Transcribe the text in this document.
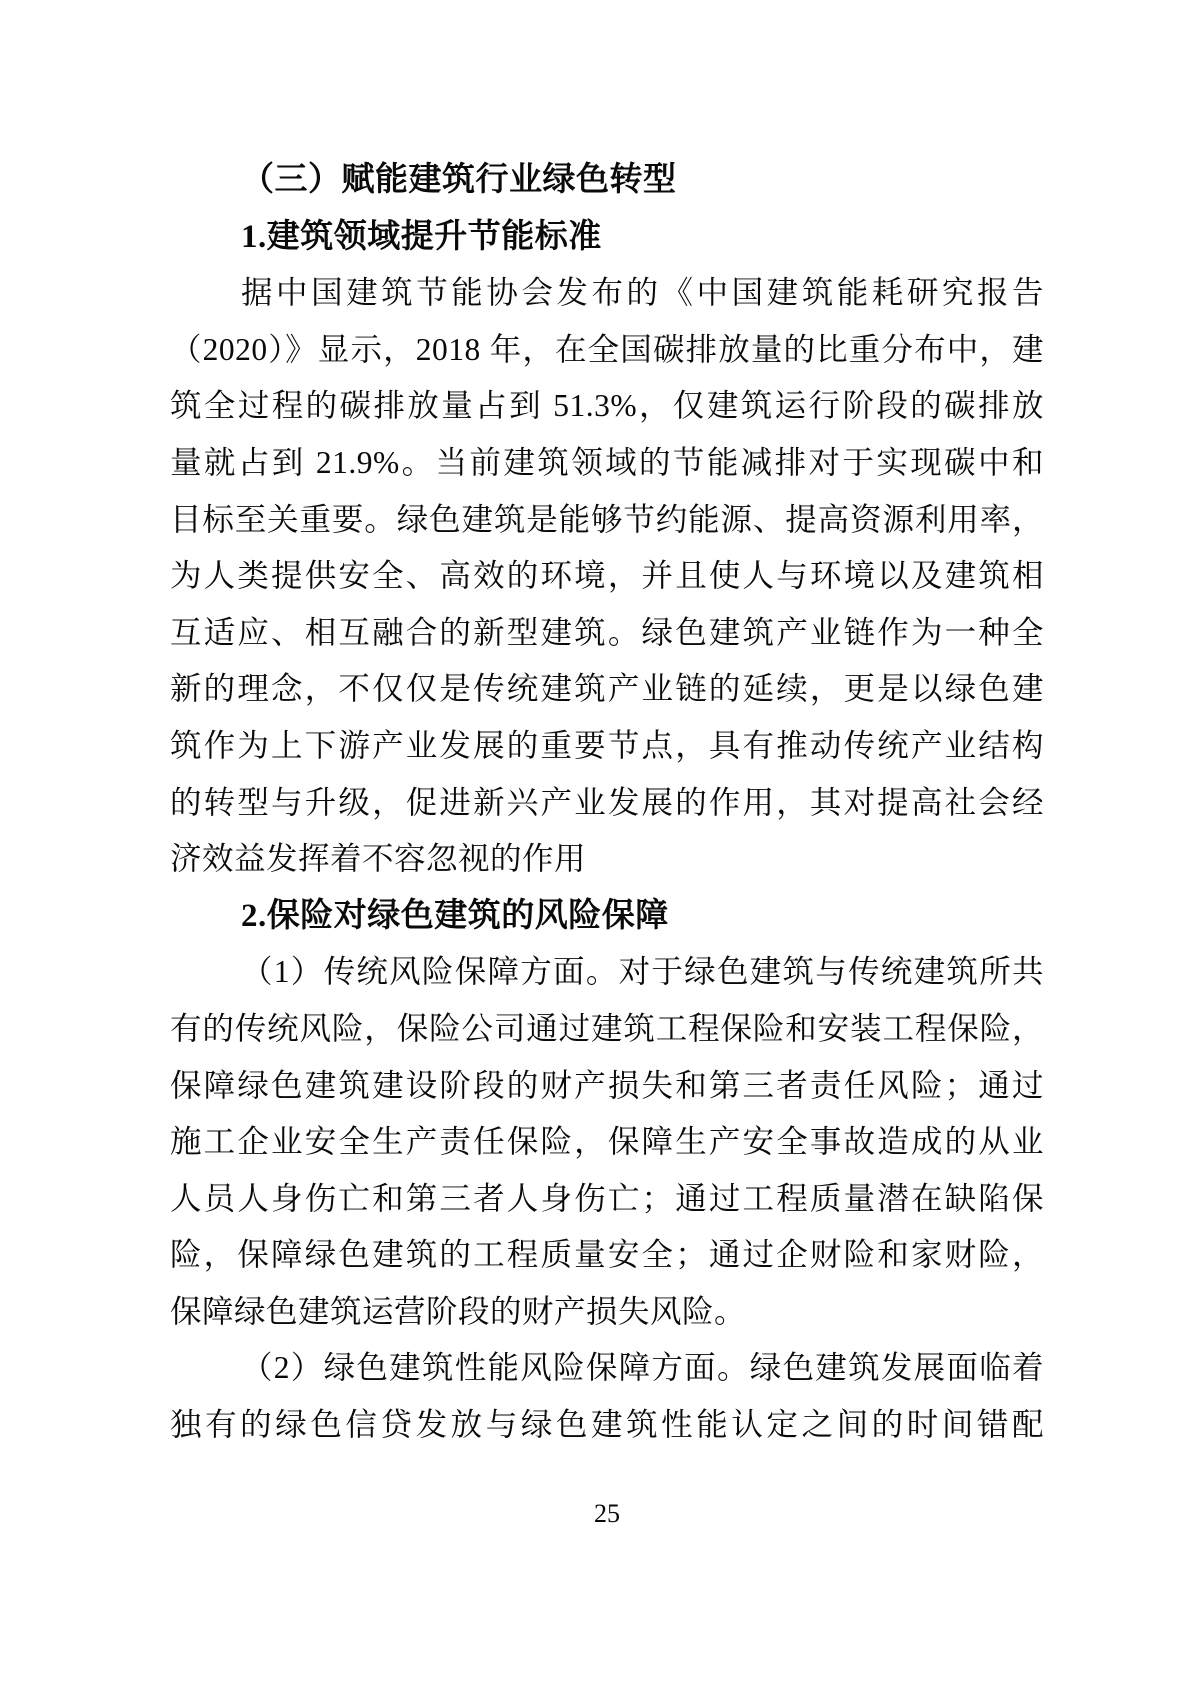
（三）赋能建筑行业绿色转型
1.建筑领域提升节能标准
据中国建筑节能协会发布的《中国建筑能耗研究报告
（2020）》显示，2018 年，在全国碳排放量的比重分布中，建
筑全过程的碳排放量占到 51.3%，仅建筑运行阶段的碳排放
量就占到 21.9%。当前建筑领域的节能减排对于实现碳中和
目标至关重要。绿色建筑是能够节约能源、提高资源利用率，
为人类提供安全、高效的环境，并且使人与环境以及建筑相
互适应、相互融合的新型建筑。绿色建筑产业链作为一种全
新的理念，不仅仅是传统建筑产业链的延续，更是以绿色建
筑作为上下游产业发展的重要节点，具有推动传统产业结构
的转型与升级，促进新兴产业发展的作用，其对提高社会经
济效益发挥着不容忽视的作用
2.保险对绿色建筑的风险保障
（1）传统风险保障方面。对于绿色建筑与传统建筑所共
有的传统风险，保险公司通过建筑工程保险和安装工程保险，
保障绿色建筑建设阶段的财产损失和第三者责任风险；通过
施工企业安全生产责任保险，保障生产安全事故造成的从业
人员人身伤亡和第三者人身伤亡；通过工程质量潜在缺陷保
险，保障绿色建筑的工程质量安全；通过企财险和家财险，
保障绿色建筑运营阶段的财产损失风险。
（2）绿色建筑性能风险保障方面。绿色建筑发展面临着
独有的绿色信贷发放与绿色建筑性能认定之间的时间错配
25
